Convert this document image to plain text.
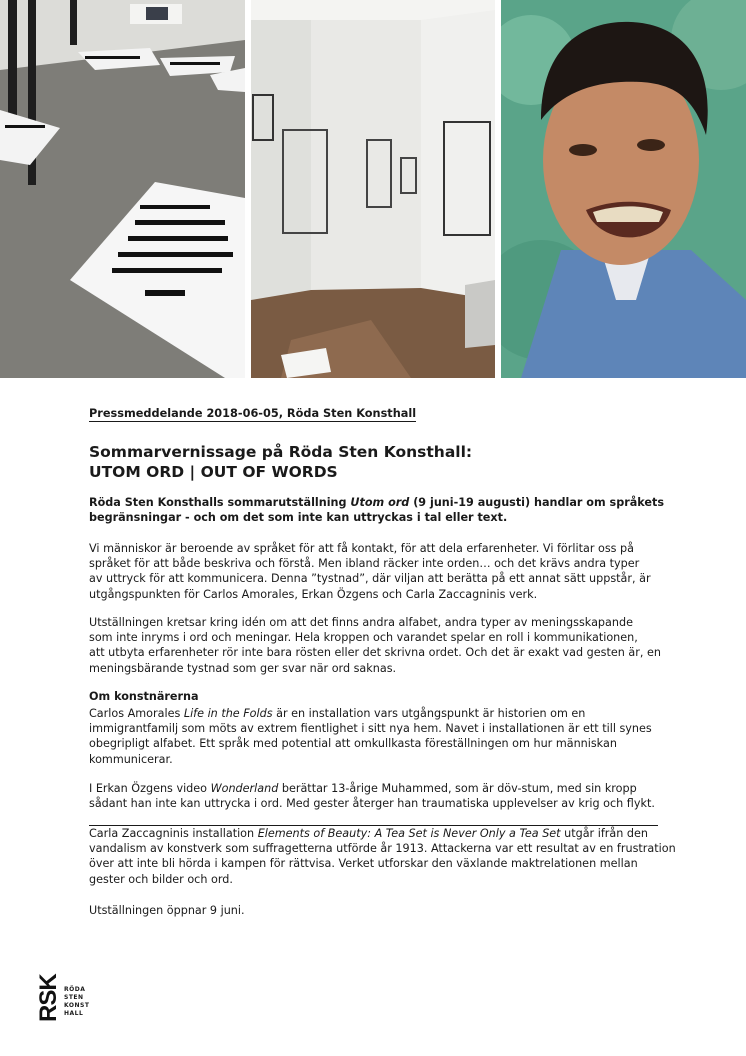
Pressmeddelande 2018-06-05, Röda Sten Konsthall
Sommarvernissage på Röda Sten Konsthall:
UTOM ORD | OUT OF WORDS
Röda Sten Konsthalls sommarutställning Utom ord (9 juni-19 augusti) handlar om språkets
begränsningar - och om det som inte kan uttryckas i tal eller text.
Vi människor är beroende av språket för att få kontakt, för att dela erfarenheter. Vi förlitar oss på
språket för att både beskriva och förstå. Men ibland räcker inte orden… och det krävs andra typer
av uttryck för att kommunicera. Denna ”tystnad”, där viljan att berätta på ett annat sätt uppstår, är
utgångspunkten för Carlos Amorales, Erkan Özgens och Carla Zaccagninis verk.
Utställningen kretsar kring idén om att det finns andra alfabet, andra typer av meningsskapande
som inte inryms i ord och meningar. Hela kroppen och varandet spelar en roll i kommunikationen,
att utbyta erfarenheter rör inte bara rösten eller det skrivna ordet. Och det är exakt vad gesten är, en
meningsbärande tystnad som ger svar när ord saknas.
Om konstnärerna
Carlos Amorales Life in the Folds är en installation vars utgångspunkt är historien om en
immigrantfamilj som möts av extrem fientlighet i sitt nya hem. Navet i installationen är ett till synes
obegripligt alfabet. Ett språk med potential att omkullkasta föreställningen om hur människan
kommunicerar.
I Erkan Özgens video Wonderland berättar 13-årige Muhammed, som är döv-stum, med sin kropp
sådant han inte kan uttrycka i ord. Med gester återger han traumatiska upplevelser av krig och flykt.
Carla Zaccagninis installation Elements of Beauty: A Tea Set is Never Only a Tea Set utgår ifrån den
vandalism av konstverk som suffragetterna utförde år 1913. Attackerna var ett resultat av en frustration
över att inte bli hörda i kampen för rättvisa. Verket utforskar den växlande maktrelationen mellan
gester och bilder och ord.
Utställningen öppnar 9 juni.
RSK RÖDA
STEN
KONST
HALL
